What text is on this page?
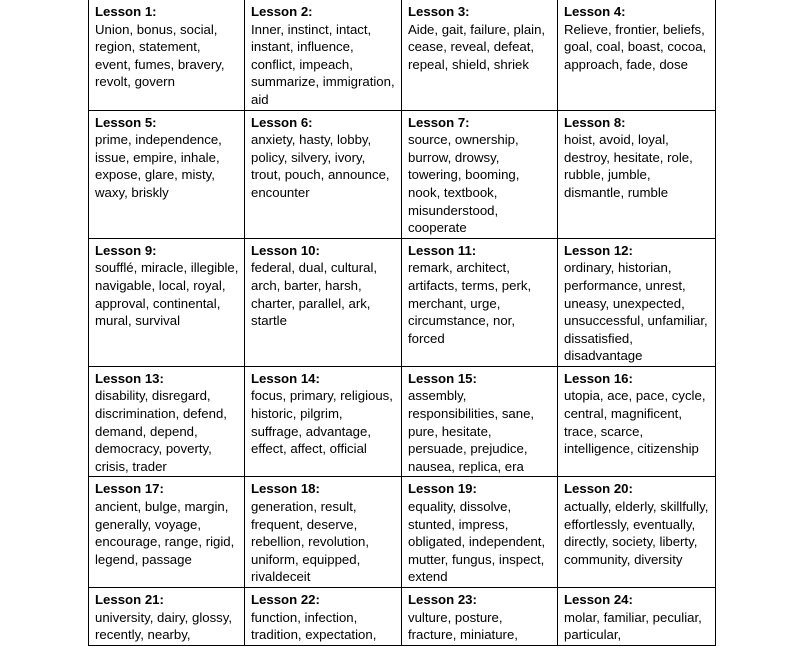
Lesson 1:
Union, bonus, social, region, statement, event, fumes, bravery, revolt, govern	Lesson 2:
Inner, instinct, intact, instant, influence, conflict, impeach, summarize, immigration, aid	Lesson 3:
Aide, gait, failure, plain, cease, reveal, defeat, repeal, shield, shriek	Lesson 4:
Relieve, frontier, beliefs, goal, coal, boast, cocoa, approach, fade, dose

Lesson 5:
prime, independence, issue, empire, inhale, expose, glare, misty, waxy, briskly	Lesson 6:
anxiety, hasty, lobby, policy, silvery, ivory, trout, pouch, announce, encounter	Lesson 7:
source, ownership, burrow, drowsy, towering, booming, nook, textbook, misunderstood, cooperate	Lesson 8:
hoist, avoid, loyal, destroy, hesitate, role, rubble, jumble, dismantle, rumble

Lesson 9:
soufflé, miracle, illegible, navigable, local, royal, approval, continental, mural, survival	Lesson 10:
federal, dual, cultural, arch, barter, harsh, charter, parallel, ark, startle	Lesson 11:
remark, architect, artifacts, terms, perk, merchant, urge, circumstance, nor, forced	Lesson 12:
ordinary, historian, performance, unrest, uneasy, unexpected, unsuccessful, unfamiliar, dissatisfied, disadvantage

Lesson 13:
disability, disregard, discrimination, defend, demand, depend, democracy, poverty, crisis, trader	Lesson 14:
focus, primary, religious, historic, pilgrim, suffrage, advantage, effect, affect, official	Lesson 15:
assembly, responsibilities, sane, pure, hesitate, persuade, prejudice, nausea, replica, era	Lesson 16:
utopia, ace, pace, cycle, central, magnificent, trace, scarce, intelligence, citizenship

Lesson 17:
ancient, bulge, margin, generally, voyage, encourage, range, rigid, legend, passage	Lesson 18:
generation, result, frequent, deserve, rebellion, revolution, uniform, equipped, rivaldeceit	Lesson 19:
equality, dissolve, stunted, impress, obligated, independent, mutter, fungus, inspect, extend	Lesson 20:
actually, elderly, skillfully, effortlessly, eventually, directly, society, liberty, community, diversity

Lesson 21:
university, dairy, glossy, recently, nearby,	Lesson 22:
function, infection, tradition, expectation,	Lesson 23:
vulture, posture, fracture, miniature,	Lesson 24:
molar, familiar, peculiar, particular,
